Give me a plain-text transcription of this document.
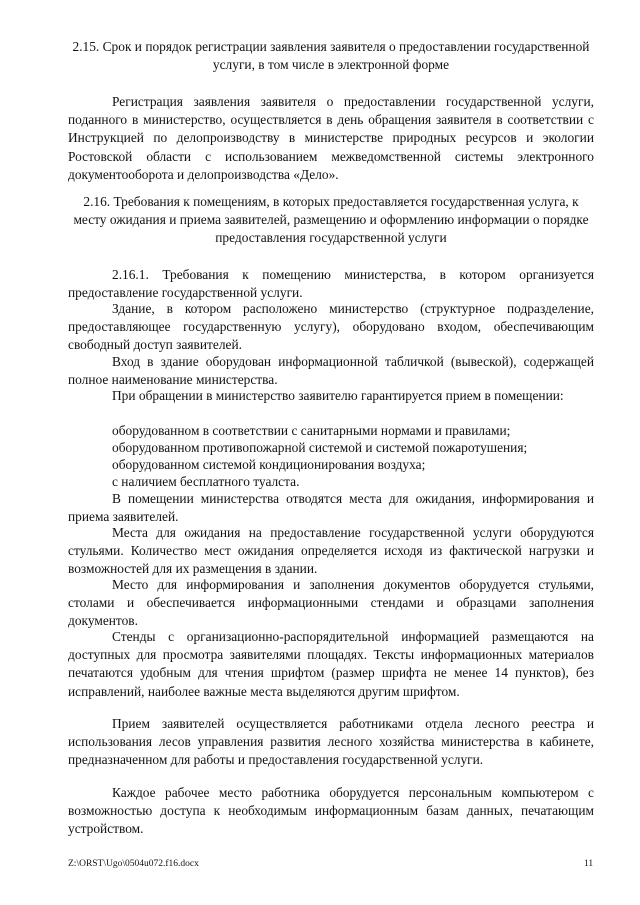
2.15. Срок и порядок регистрации заявления заявителя о предоставлении государственной услуги, в том числе в электронной форме
Регистрация заявления заявителя о предоставлении государственной услуги, поданного в министерство, осуществляется в день обращения заявителя в соответствии с Инструкцией по делопроизводству в министерстве природных ресурсов и экологии Ростовской области с использованием межведомственной системы электронного документооборота и делопроизводства «Дело».
2.16. Требования к помещениям, в которых предоставляется государственная услуга, к месту ожидания и приема заявителей, размещению и оформлению информации о порядке предоставления государственной услуги
2.16.1. Требования к помещению министерства, в котором организуется предоставление государственной услуги.
Здание, в котором расположено министерство (структурное подразделение, предоставляющее государственную услугу), оборудовано входом, обеспечивающим свободный доступ заявителей.
Вход в здание оборудован информационной табличкой (вывеской), содержащей полное наименование министерства.
При обращении в министерство заявителю гарантируется прием в помещении:
оборудованном в соответствии с санитарными нормами и правилами;
оборудованном противопожарной системой и системой пожаротушения;
оборудованном системой кондиционирования воздуха;
с наличием бесплатного туалста.
В помещении министерства отводятся места для ожидания, информирования и приема заявителей.
Места для ожидания на предоставление государственной услуги оборудуются стульями. Количество мест ожидания определяется исходя из фактической нагрузки и возможностей для их размещения в здании.
Место для информирования и заполнения документов оборудуется стульями, столами и обеспечивается информационными стендами и образцами заполнения документов.
Стенды с организационно-распорядительной информацией размещаются на доступных для просмотра заявителями площадях. Тексты информационных материалов печатаются удобным для чтения шрифтом (размер шрифта не менее 14 пунктов), без исправлений, наиболее важные места выделяются другим шрифтом.
Прием заявителей осуществляется работниками отдела лесного реестра и использования лесов управления развития лесного хозяйства министерства в кабинете, предназначенном для работы и предоставления государственной услуги.
Каждое рабочее место работника оборудуется персональным компьютером с возможностью доступа к необходимым информационным базам данных, печатающим устройством.
Z:\ORST\Ugo\0504u072.f16.docx	11
